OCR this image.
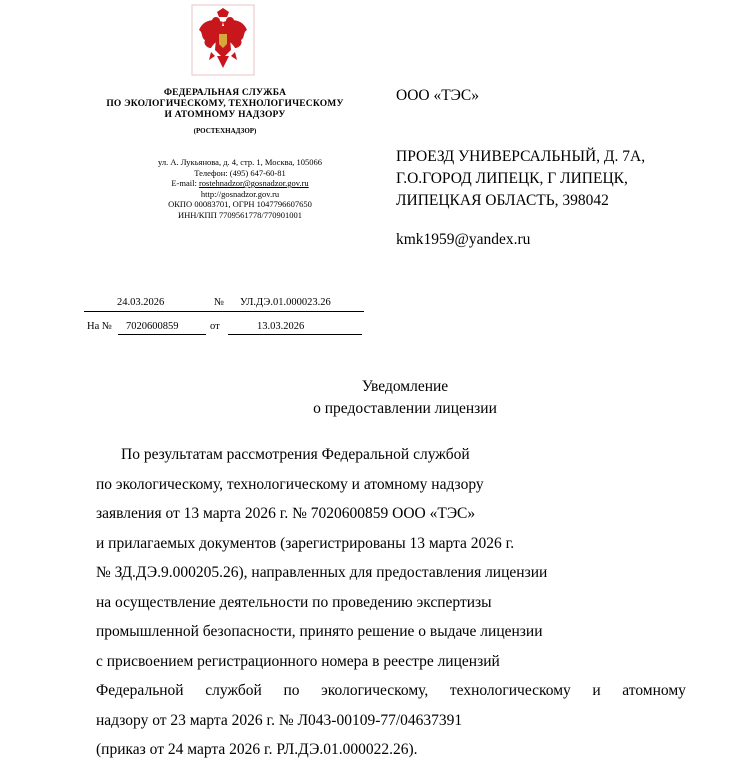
ФЕДЕРАЛЬНАЯ СЛУЖБА
ПО ЭКОЛОГИЧЕСКОМУ, ТЕХНОЛОГИЧЕСКОМУ
И АТОМНОМУ НАДЗОРУ
(РОСТЕХНАДЗОР)
ул. А. Лукьянова, д. 4, стр. 1, Москва, 105066
Телефон: (495) 647-60-81
E-mail: rostehnadzor@gosnadzor.gov.ru
http://gosnadzor.gov.ru
ОКПО 00083701, ОГРН 1047796607650
ИНН/КПП 7709561778/770901001
ООО «ТЭС»
ПРОЕЗД УНИВЕРСАЛЬНЫЙ, Д. 7А,
Г.О.ГОРОД ЛИПЕЦК, Г ЛИПЕЦК,
ЛИПЕЦКАЯ ОБЛАСТЬ, 398042
kmk1959@yandex.ru
24.03.2026	№ УЛ.ДЭ.01.000023.26
На № 7020600859	от	13.03.2026
Уведомление
о предоставлении лицензии
По результатам рассмотрения Федеральной службой
по экологическому, технологическому и атомному надзору
заявления от 13 марта 2026 г. № 7020600859 ООО «ТЭС»
и прилагаемых документов (зарегистрированы 13 марта 2026 г.
№ ЗД.ДЭ.9.000205.26), направленных для предоставления лицензии
на осуществление деятельности по проведению экспертизы
промышленной безопасности, принято решение о выдаче лицензии
с присвоением регистрационного номера в реестре лицензий
Федеральной службой по экологическому, технологическому и атомному
надзору от 23 марта 2026 г. № Л043-00109-77/04637391
(приказ от 24 марта 2026 г. РЛ.ДЭ.01.000022.26).
